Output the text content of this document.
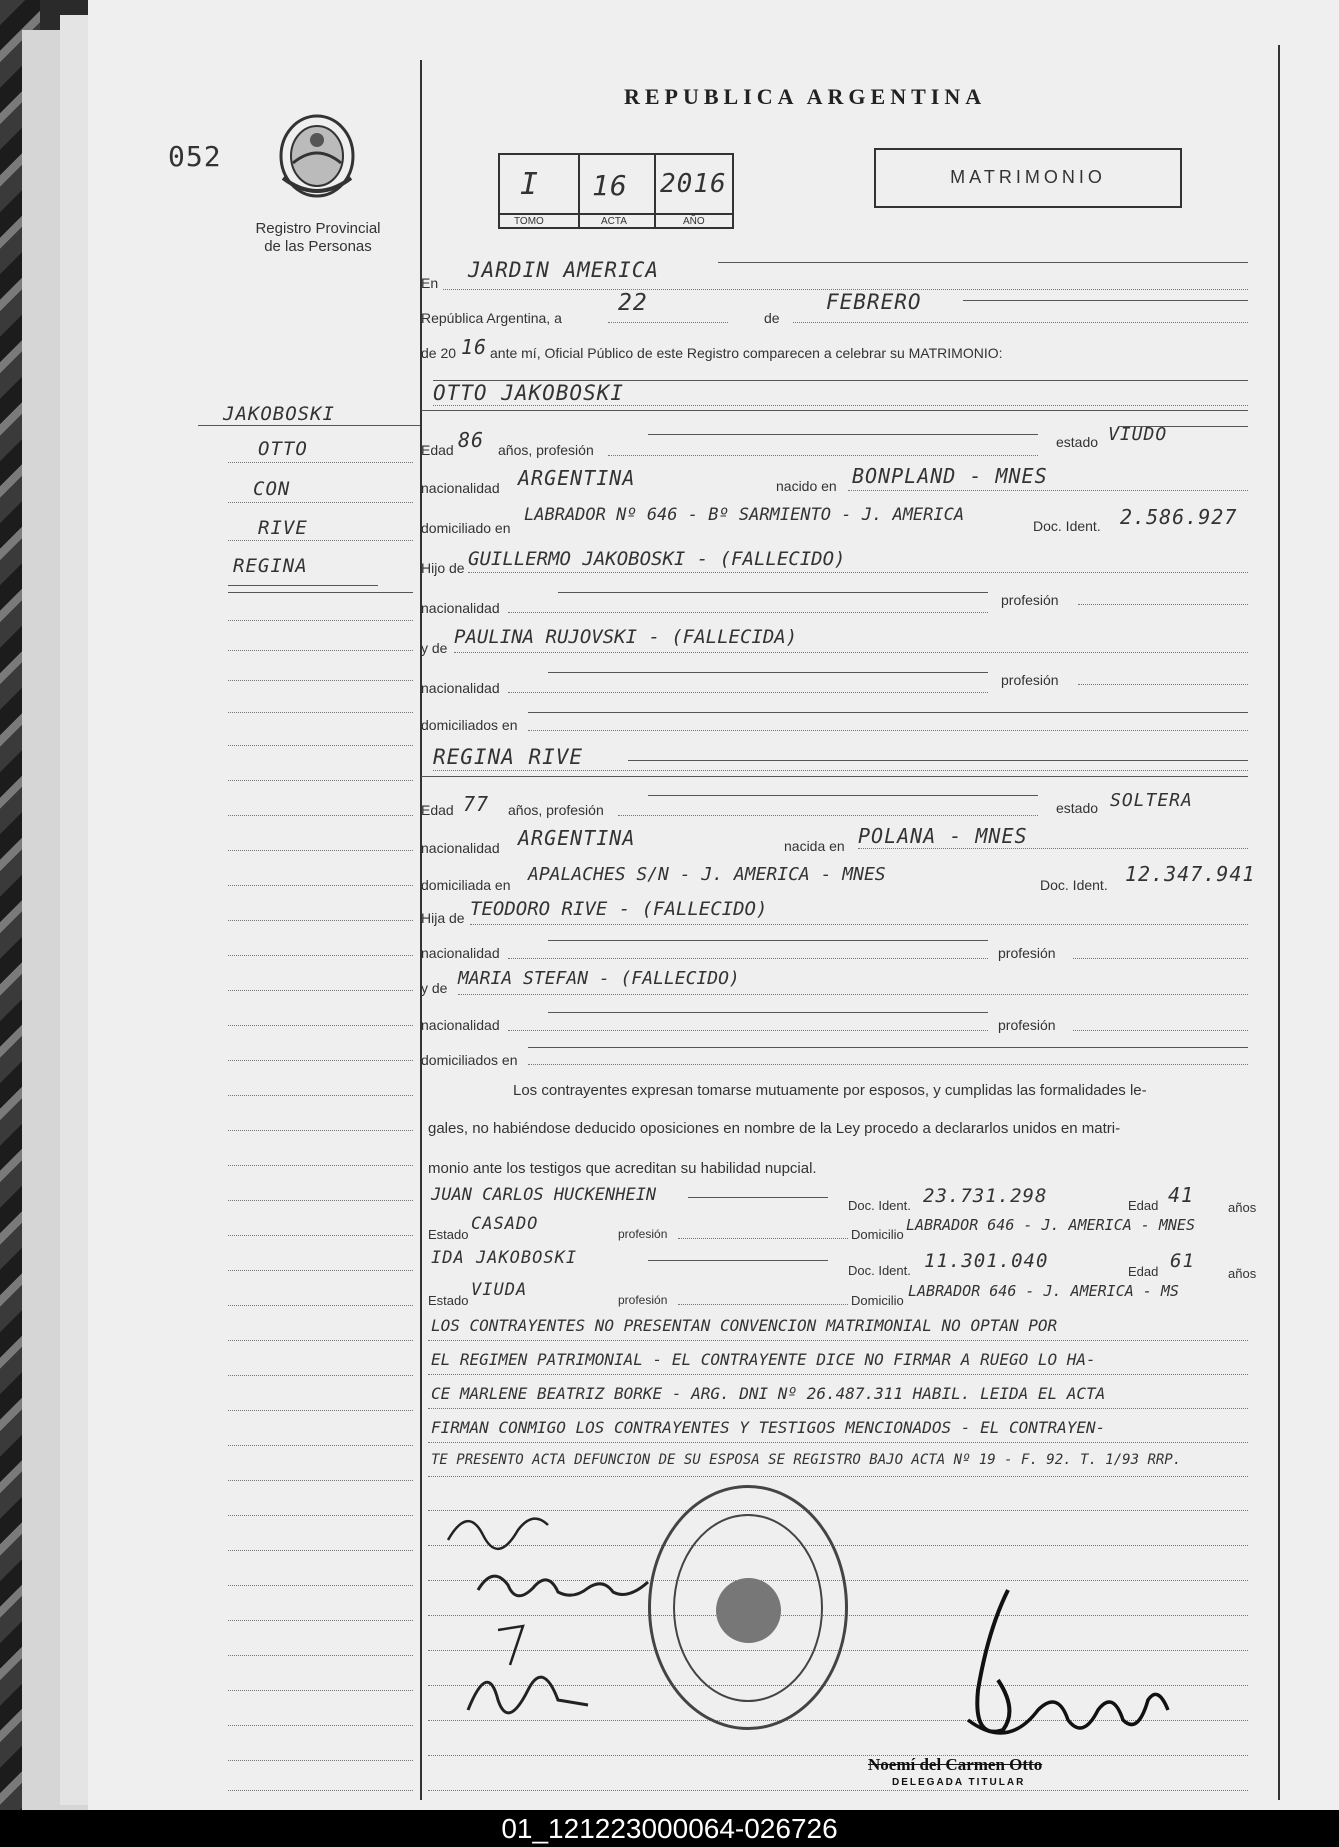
052
Registro Provincial
de las Personas
REPUBLICA ARGENTINA
I 16 2016
TOMO	ACTA	AÑO
MATRIMONIO
JAKOBOSKI
OTTO
CON
RIVE
REGINA
En
JARDIN AMERICA
República Argentina, a
22
de
FEBRERO
de 20 16 ante mí, Oficial Público de este Registro comparecen a celebrar su MATRIMONIO:
OTTO JAKOBOSKI
Edad 86 años, profesión	estado VIUDO
nacionalidad ARGENTINA	nacido en BONPLAND - MNES
domiciliado en
LABRADOR Nº 646 - Bº SARMIENTO - J. AMERICA
Doc. Ident. 2.586.927
Hijo de GUILLERMO JAKOBOSKI - (FALLECIDO)
nacionalidad	profesión
y de PAULINA RUJOVSKI - (FALLECIDA)
nacionalidad	profesión
domiciliados en
REGINA RIVE
Edad 77 años, profesión	estado SOLTERA
nacionalidad ARGENTINA	nacida en POLANA - MNES
domiciliada en APALACHES S/N - J. AMERICA - MNES	Doc. Ident. 12.347.941
Hija de TEODORO RIVE - (FALLECIDO)
nacionalidad	profesión
y de MARIA STEFAN - (FALLECIDO)
nacionalidad	profesión
domiciliados en
Los contrayentes expresan tomarse mutuamente por esposos, y cumplidas las formalidades le-
gales, no habiéndose deducido oposiciones en nombre de la Ley procedo a declararlos unidos en matri-
monio ante los testigos que acreditan su habilidad nupcial.
JUAN CARLOS HUCKENHEIN
Doc. Ident. 23.731.298	Edad 41
años
Estado
CASADO	profesión	Domicilio
LABRADOR 646 - J. AMERICA - MNES
IDA JAKOBOSKI
Doc. Ident. 11.301.040	Edad 61
años
Estado
VIUDA	profesión	Domicilio
LABRADOR 646 - J. AMERICA - MS
LOS CONTRAYENTES NO PRESENTAN CONVENCION MATRIMONIAL NO OPTAN POR
EL REGIMEN PATRIMONIAL - EL CONTRAYENTE DICE NO FIRMAR A RUEGO LO HA-
CE MARLENE BEATRIZ BORKE - ARG. DNI Nº 26.487.311 HABIL. LEIDA EL ACTA
FIRMAN CONMIGO LOS CONTRAYENTES Y TESTIGOS MENCIONADOS - EL CONTRAYEN-
TE PRESENTO ACTA DEFUNCION DE SU ESPOSA SE REGISTRO BAJO ACTA Nº 19 - F. 92. T. 1/93 RRP.
Noemí del Carmen Otto
DELEGADA TITULAR
01_121223000064-026726
